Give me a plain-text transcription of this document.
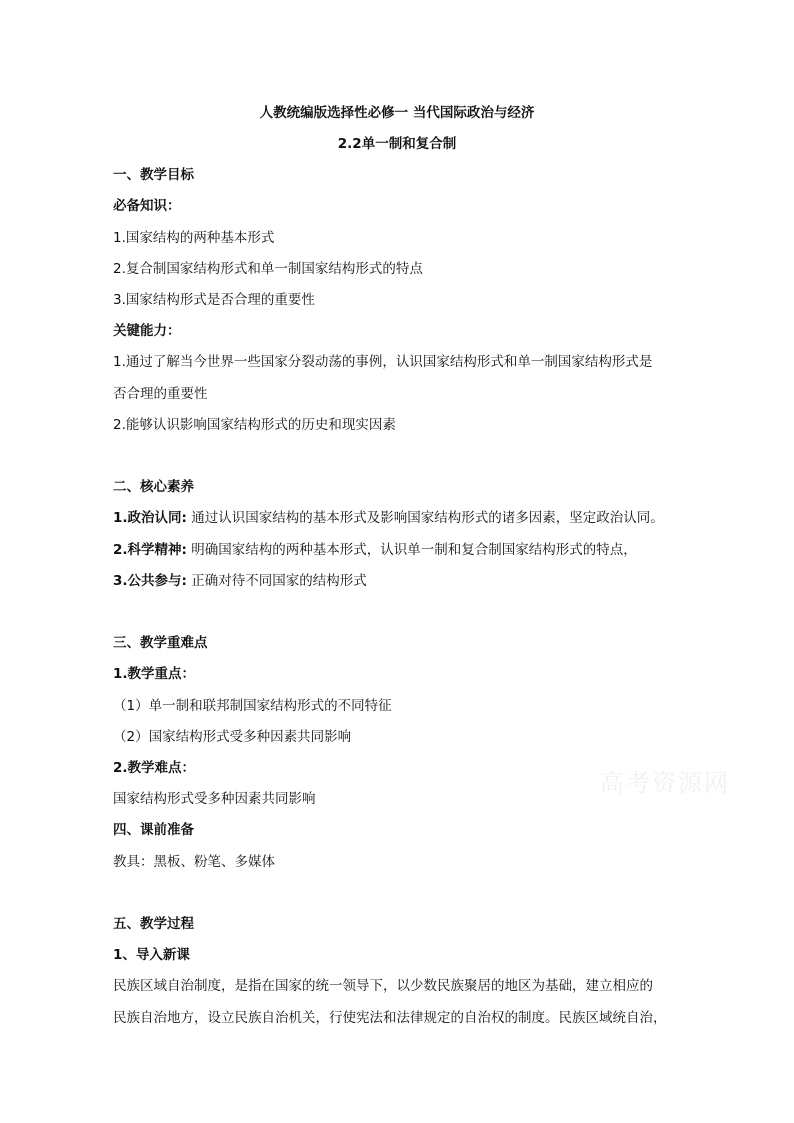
人教统编版选择性必修一 当代国际政治与经济
2.2单一制和复合制
一、教学目标
必备知识：
1.国家结构的两种基本形式
2.复合制国家结构形式和单一制国家结构形式的特点
3.国家结构形式是否合理的重要性
关键能力：
1.通过了解当今世界一些国家分裂动荡的事例，认识国家结构形式和单一制国家结构形式是
否合理的重要性
2.能够认识影响国家结构形式的历史和现实因素
二、核心素养
1.政治认同: 通过认识国家结构的基本形式及影响国家结构形式的诸多因素，坚定政治认同。
2.科学精神: 明确国家结构的两种基本形式，认识单一制和复合制国家结构形式的特点，
3.公共参与: 正确对待不同国家的结构形式
三、教学重难点
1.教学重点：
（1）单一制和联邦制国家结构形式的不同特征
（2）国家结构形式受多种因素共同影响
2.教学难点：
国家结构形式受多种因素共同影响
四、课前准备
教具：黑板、粉笔、多媒体
五、教学过程
1、导入新课
民族区域自治制度，是指在国家的统一领导下，以少数民族聚居的地区为基础，建立相应的
民族自治地方，设立民族自治机关，行使宪法和法律规定的自治权的制度。民族区域统自治，
高考资源网
